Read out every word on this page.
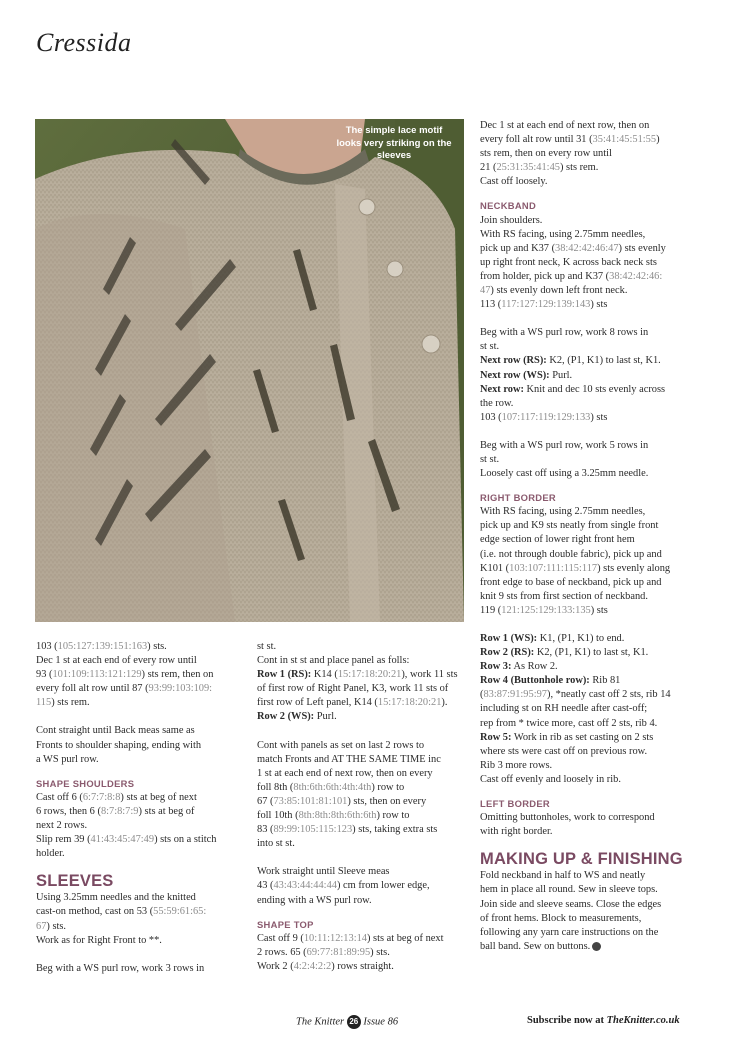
Cressida
The simple lace motif looks very striking on the sleeves

Dec 1 st at each end of next row, then on

every foll alt row until 31 (35:41:45:51:55)

sts rem, then on every row until

21 (25:31:35:41:45) sts rem.

Cast off loosely.

NECKBAND

Join shoulders.

With RS facing, using 2.75mm needles,

pick up and K37 (38:42:42:46:47) sts evenly

up right front neck, K across back neck sts

from holder, pick up and K37 (38:42:42:46:

47) sts evenly down left front neck.

113 (117:127:129:139:143) sts

Beg with a WS purl row, work 8 rows in

st st.

Next row (RS): K2, (P1, K1) to last st, K1.

Next row (WS): Purl.

Next row: Knit and dec 10 sts evenly across

the row.

103 (107:117:119:129:133) sts

Beg with a WS purl row, work 5 rows in

st st.

Loosely cast off using a 3.25mm needle.

RIGHT BORDER

With RS facing, using 2.75mm needles,

pick up and K9 sts neatly from single front

edge section of lower right front hem

(i.e. not through double fabric), pick up and

K101 (103:107:111:115:117) sts evenly along

front edge to base of neckband, pick up and

knit 9 sts from first section of neckband.

119 (121:125:129:133:135) sts

Row 1 (WS): K1, (P1, K1) to end.

Row 2 (RS): K2, (P1, K1) to last st, K1.

Row 3: As Row 2.

Row 4 (Buttonhole row): Rib 81

(83:87:91:95:97), *neatly cast off 2 sts, rib 14

including st on RH needle after cast-off;

rep from * twice more, cast off 2 sts, rib 4.

Row 5: Work in rib as set casting on 2 sts

where sts were cast off on previous row.

Rib 3 more rows.

Cast off evenly and loosely in rib.

LEFT BORDER

Omitting buttonholes, work to correspond

with right border.

MAKING UP & FINISHING

Fold neckband in half to WS and neatly

hem in place all round. Sew in sleeve tops.

Join side and sleeve seams. Close the edges

of front hems. Block to measurements,

following any yarn care instructions on the

ball band. Sew on buttons.

103 (105:127:139:151:163) sts.

Dec 1 st at each end of every row until

93 (101:109:113:121:129) sts rem, then on

every foll alt row until 87 (93:99:103:109:

115) sts rem.

Cont straight until Back meas same as

Fronts to shoulder shaping, ending with

a WS purl row.

SHAPE SHOULDERS

Cast off 6 (6:7:7:8:8) sts at beg of next

6 rows, then 6 (8:7:8:7:9) sts at beg of

next 2 rows.

Slip rem 39 (41:43:45:47:49) sts on a stitch

holder.

SLEEVES

Using 3.25mm needles and the knitted

cast-on method, cast on 53 (55:59:61:65:

67) sts.

Work as for Right Front to **.

Beg with a WS purl row, work 3 rows in

st st.

Cont in st st and place panel as folls:

Row 1 (RS): K14 (15:17:18:20:21), work 11 sts

of first row of Right Panel, K3, work 11 sts of

first row of Left panel, K14 (15:17:18:20:21).

Row 2 (WS): Purl.

Cont with panels as set on last 2 rows to

match Fronts and AT THE SAME TIME inc

1 st at each end of next row, then on every

foll 8th (8th:6th:6th:4th:4th) row to

67 (73:85:101:81:101) sts, then on every

foll 10th (8th:8th:8th:6th:6th) row to

83 (89:99:105:115:123) sts, taking extra sts

into st st.

Work straight until Sleeve meas

43 (43:43:44:44:44) cm from lower edge,

ending with a WS purl row.

SHAPE TOP

Cast off 9 (10:11:12:13:14) sts at beg of next

2 rows. 65 (69:77:81:89:95) sts.

Work 2 (4:2:4:2:2) rows straight.

The Knitter 26 Issue 86	Subscribe now at TheKnitter.co.uk
